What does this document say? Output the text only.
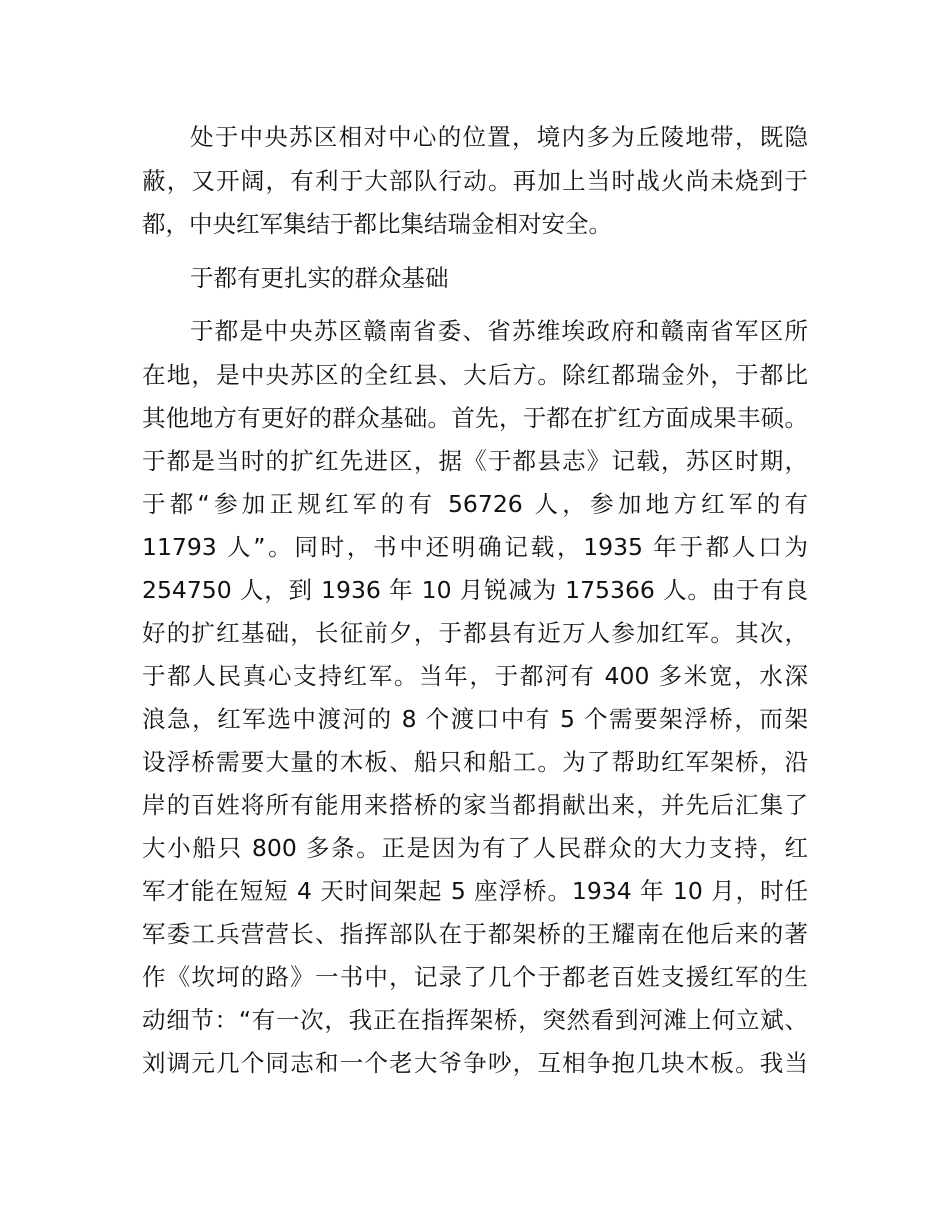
处于中央苏区相对中心的位置，境内多为丘陵地带，既隐
蔽，又开阔，有利于大部队行动。再加上当时战火尚未烧到于
都，中央红军集结于都比集结瑞金相对安全。
于都有更扎实的群众基础
于都是中央苏区赣南省委、省苏维埃政府和赣南省军区所
在地，是中央苏区的全红县、大后方。除红都瑞金外，于都比
其他地方有更好的群众基础。首先，于都在扩红方面成果丰硕。
于都是当时的扩红先进区，据《于都县志》记载，苏区时期，
于都“参加正规红军的有 56726 人，参加地方红军的有
11793 人”。同时，书中还明确记载，1935 年于都人口为
254750 人，到 1936 年 10 月锐减为 175366 人。由于有良
好的扩红基础，长征前夕，于都县有近万人参加红军。其次，
于都人民真心支持红军。当年，于都河有 400 多米宽，水深
浪急，红军选中渡河的 8 个渡口中有 5 个需要架浮桥，而架
设浮桥需要大量的木板、船只和船工。为了帮助红军架桥，沿
岸的百姓将所有能用来搭桥的家当都捐献出来，并先后汇集了
大小船只 800 多条。正是因为有了人民群众的大力支持，红
军才能在短短 4 天时间架起 5 座浮桥。1934 年 10 月，时任
军委工兵营营长、指挥部队在于都架桥的王耀南在他后来的著
作《坎坷的路》一书中，记录了几个于都老百姓支援红军的生
动细节：“有一次，我正在指挥架桥，突然看到河滩上何立斌、
刘调元几个同志和一个老大爷争吵，互相争抱几块木板。我当
